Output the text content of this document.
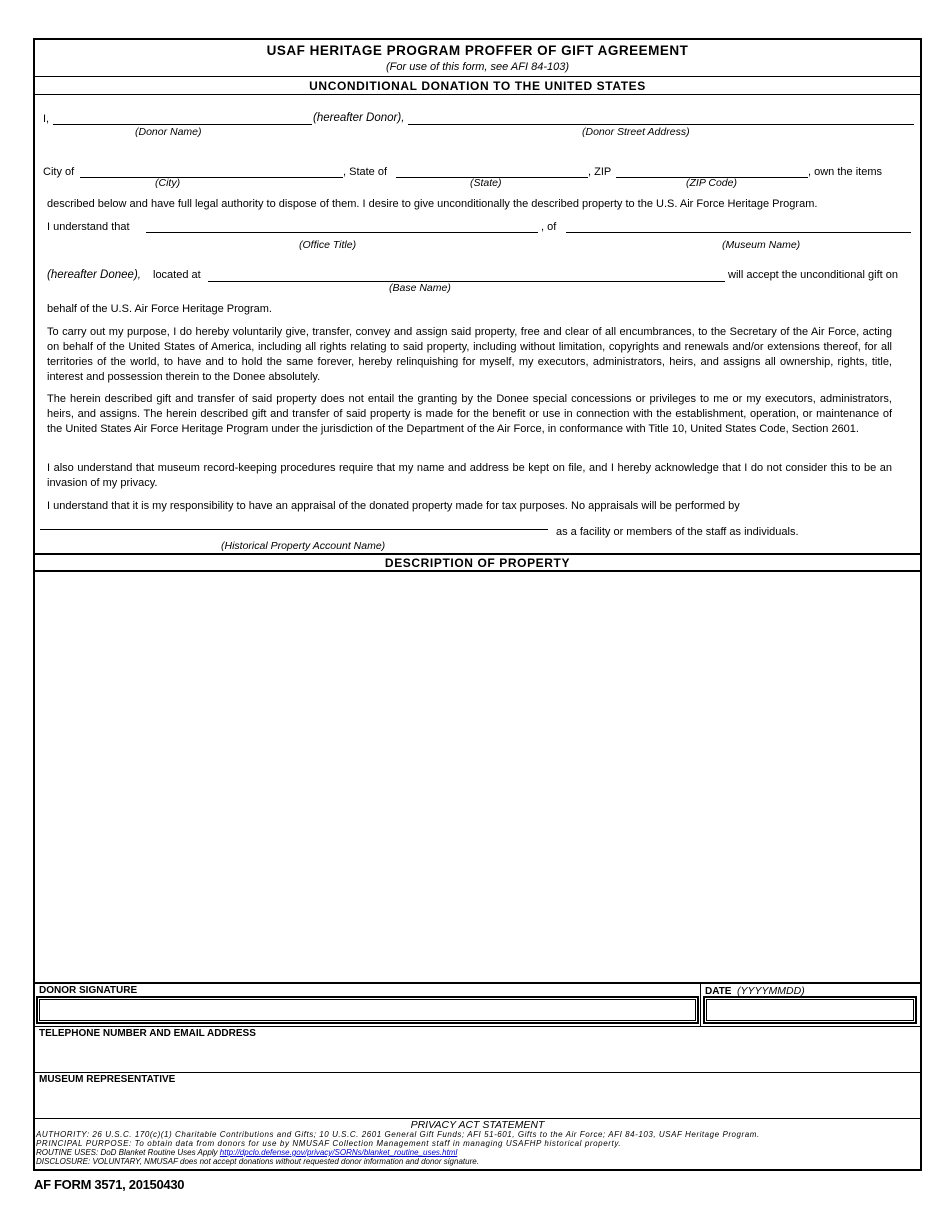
USAF HERITAGE PROGRAM PROFFER OF GIFT AGREEMENT
(For use of this form, see AFI 84-103)
UNCONDITIONAL DONATION TO THE UNITED STATES
I,	(hereafter Donor),
(Donor Name)	(Donor Street Address)
City of	, State of	, ZIP	, own the items
(City)	(State)	(ZIP Code)
described below and have full legal authority to dispose of them. I desire to give unconditionally the described property to the U.S. Air Force Heritage Program.
I understand that	, of
(Office Title)	(Museum Name)
(hereafter Donee), located at	will accept the unconditional gift on
(Base Name)
behalf of the U.S. Air Force Heritage Program.
To carry out my purpose, I do hereby voluntarily give, transfer, convey and assign said property, free and clear of all encumbrances, to the Secretary of the Air Force, acting on behalf of the United States of America, including all rights relating to said property, including without limitation, copyrights and renewals and/or extensions thereof, for all territories of the world, to have and to hold the same forever, hereby relinquishing for myself, my executors, administrators, heirs, and assigns all ownership, rights, title, interest and possession therein to the Donee absolutely.
The herein described gift and transfer of said property does not entail the granting by the Donee special concessions or privileges to me or my executors, administrators, heirs, and assigns. The herein described gift and transfer of said property is made for the benefit or use in connection with the establishment, operation, or maintenance of the United States Air Force Heritage Program under the jurisdiction of the Department of the Air Force, in conformance with Title 10, United States Code, Section 2601.
I also understand that museum record-keeping procedures require that my name and address be kept on file, and I hereby acknowledge that I do not consider this to be an invasion of my privacy.
I understand that it is my responsibility to have an appraisal of the donated property made for tax purposes. No appraisals will be performed by
as a facility or members of the staff as individuals.
(Historical Property Account Name)
DESCRIPTION OF PROPERTY
DONOR SIGNATURE	DATE (YYYYMMDD)
TELEPHONE NUMBER AND EMAIL ADDRESS
MUSEUM REPRESENTATIVE
PRIVACY ACT STATEMENT
AUTHORITY: 26 U.S.C. 170(c)(1) Charitable Contributions and Gifts; 10 U.S.C. 2601 General Gift Funds; AFI 51-601, Gifts to the Air Force; AFI 84-103, USAF Heritage Program.
PRINCIPAL PURPOSE: To obtain data from donors for use by NMUSAF Collection Management staff in managing USAFHP historical property.
ROUTINE USES: DoD Blanket Routine Uses Apply http://dpclo.defense.gov/privacy/SORNs/blanket_routine_uses.html
DISCLOSURE: VOLUNTARY, NMUSAF does not accept donations without requested donor information and donor signature.
AF FORM 3571, 20150430
